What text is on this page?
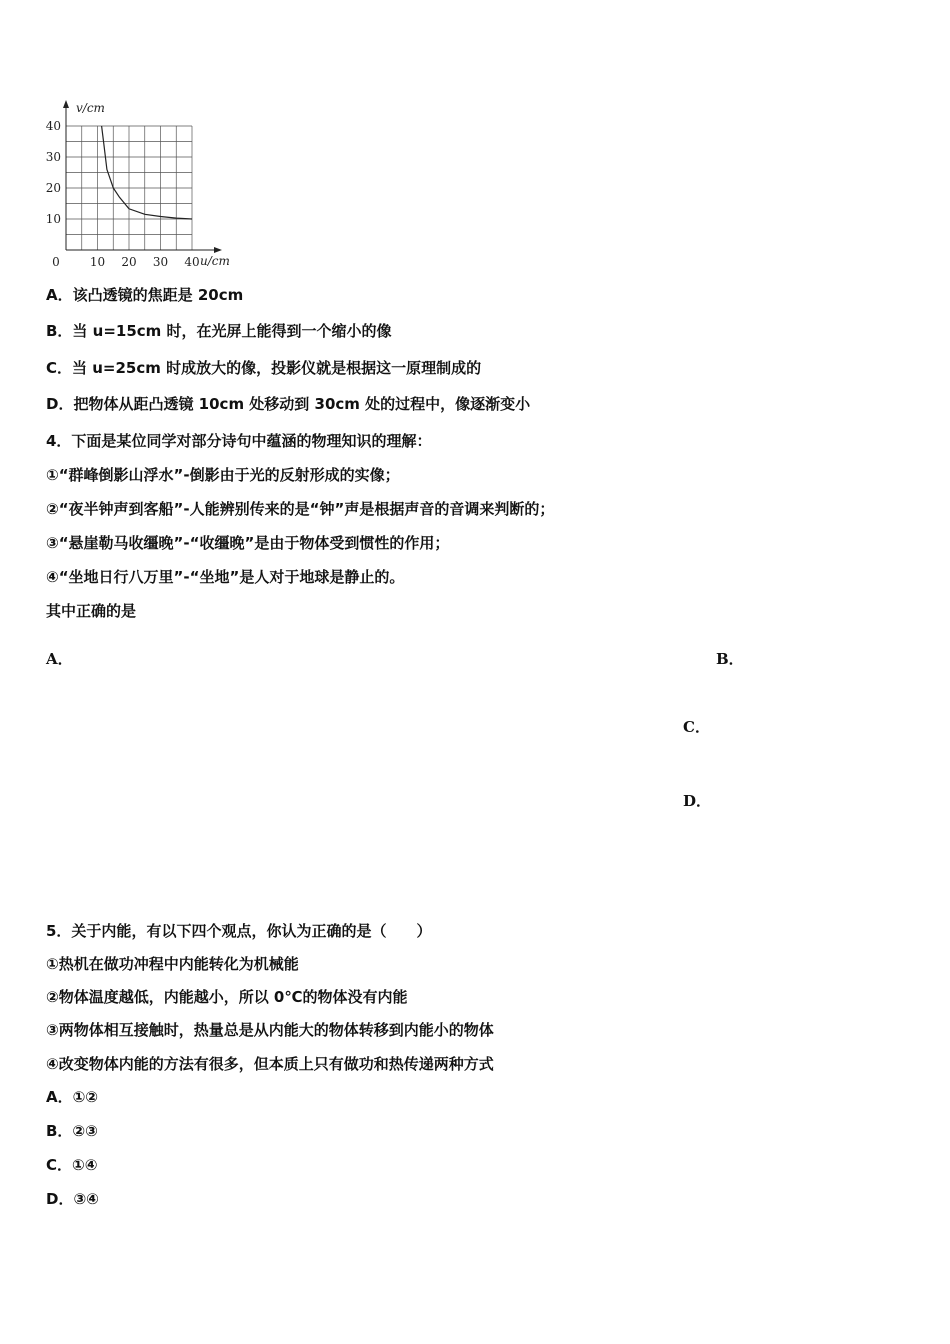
0	10 20 30 40
10
20
30
40
v/cm
u/cm
A．该凸透镜的焦距是 20cm
B．当 u=15cm 时，在光屏上能得到一个缩小的像
C．当 u=25cm 时成放大的像，投影仪就是根据这一原理制成的
D．把物体从距凸透镜 10cm 处移动到 30cm 处的过程中，像逐渐变小
4．下面是某位同学对部分诗句中蕴涵的物理知识的理解：
①“群峰倒影山浮水”-倒影由于光的反射形成的实像；
②“夜半钟声到客船”-人能辨别传来的是“钟”声是根据声音的音调来判断的；
③“悬崖勒马收缰晚”-“收缰晚”是由于物体受到惯性的作用；
④“坐地日行八万里”-“坐地”是人对于地球是静止的。
其中正确的是
A．	B．
C．
D．
5．关于内能，有以下四个观点，你认为正确的是（　　）
①热机在做功冲程中内能转化为机械能
②物体温度越低，内能越小，所以 0℃的物体没有内能
③两物体相互接触时，热量总是从内能大的物体转移到内能小的物体
④改变物体内能的方法有很多，但本质上只有做功和热传递两种方式
A．①②
B．②③
C．①④
D．③④
